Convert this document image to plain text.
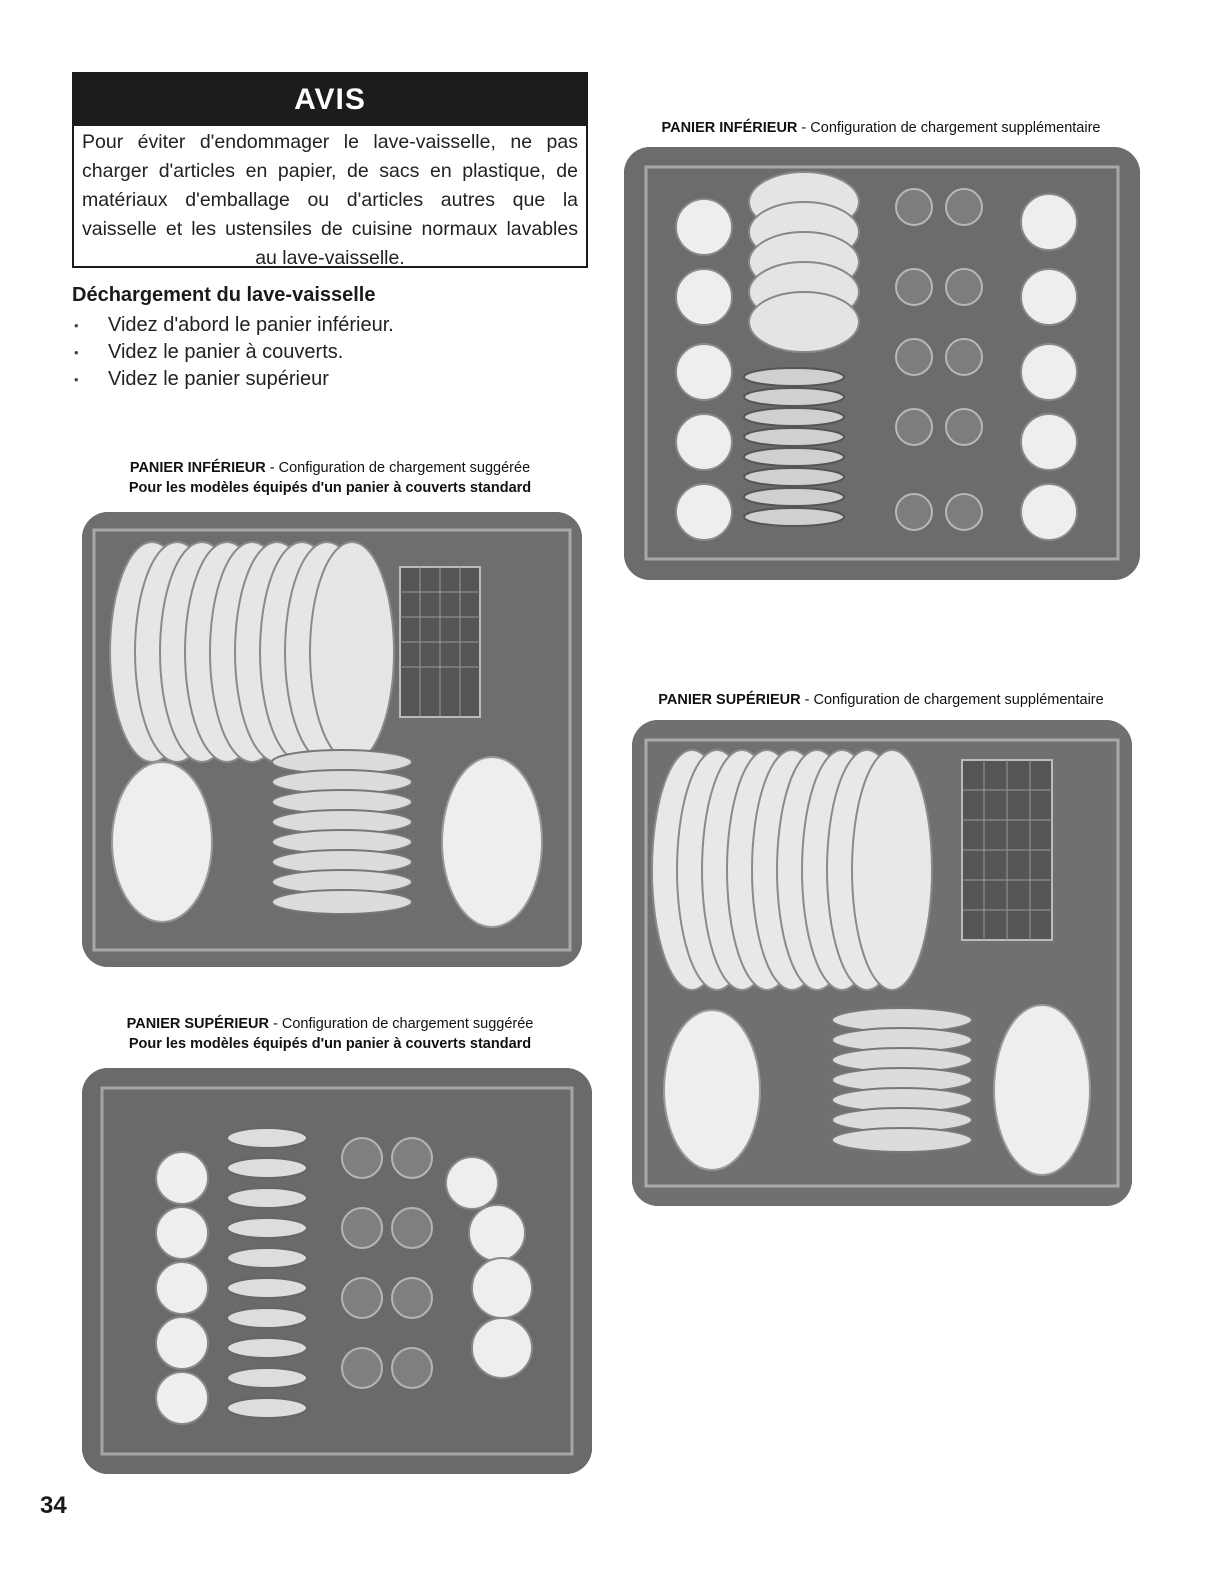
AVIS
Pour éviter d'endommager le lave-vaisselle, ne pas charger d'articles en papier, de sacs en plastique, de matériaux d'emballage ou d'articles autres que la vaisselle et les ustensiles de cuisine normaux lavables au lave-vaisselle.
Déchargement du lave-vaisselle
• Videz d'abord le panier inférieur.
• Videz le panier à couverts.
• Videz le panier supérieur
PANIER INFÉRIEUR - Configuration de chargement suggérée
Pour les modèles équipés d'un panier à couverts standard
PANIER SUPÉRIEUR - Configuration de chargement suggérée
Pour les modèles équipés d'un panier à couverts standard
PANIER INFÉRIEUR - Configuration de chargement supplémentaire
PANIER SUPÉRIEUR - Configuration de chargement supplémentaire
34
